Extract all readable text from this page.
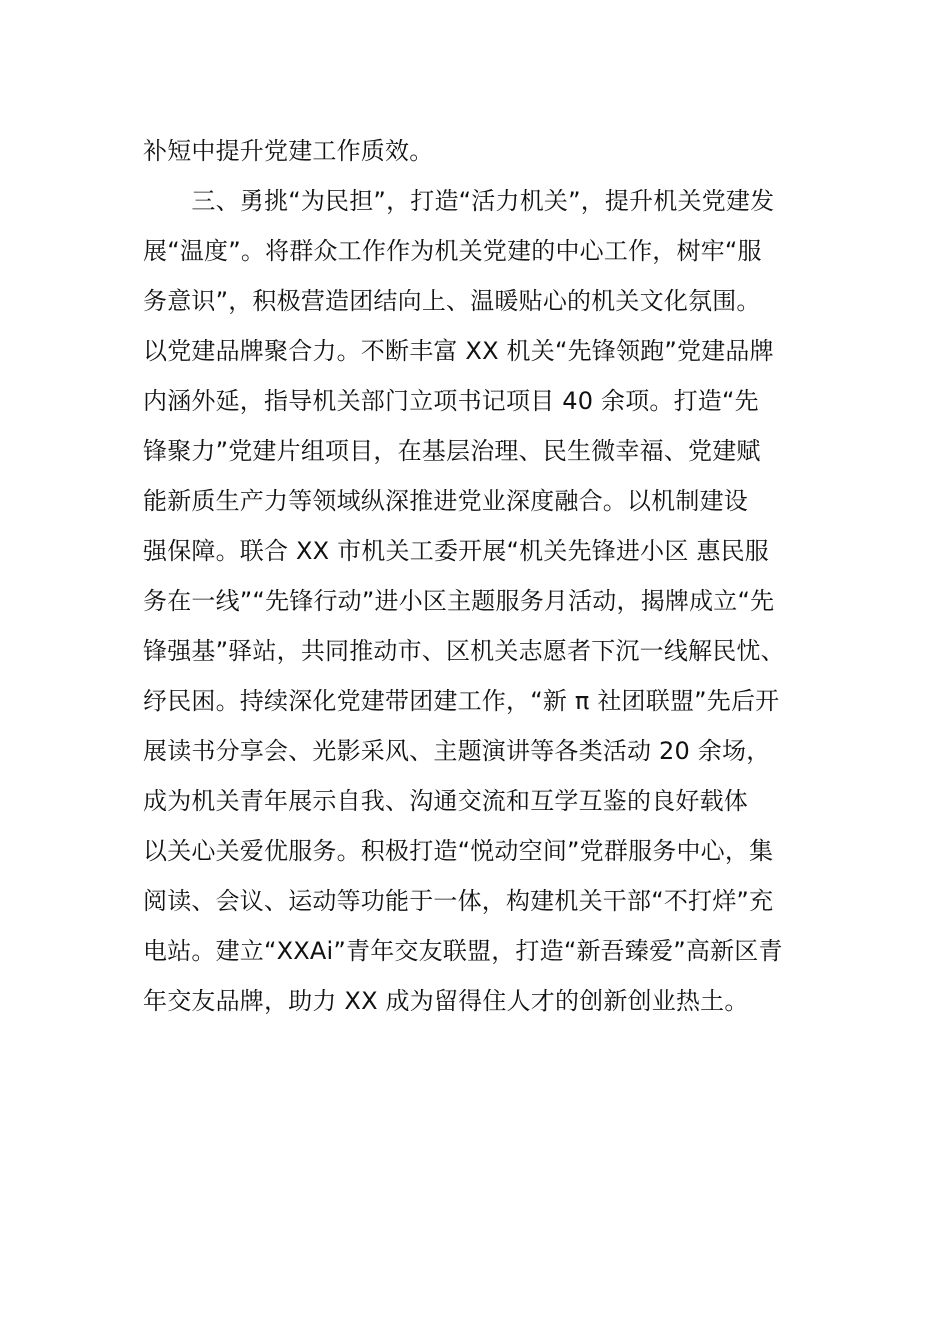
补短中提升党建工作质效。
　　三、勇挑“为民担”，打造“活力机关”，提升机关党建发
展“温度”。将群众工作作为机关党建的中心工作，树牢“服
务意识”，积极营造团结向上、温暖贴心的机关文化氛围。
以党建品牌聚合力。不断丰富 XX 机关“先锋领跑”党建品牌
内涵外延，指导机关部门立项书记项目 40 余项。打造“先
锋聚力”党建片组项目，在基层治理、民生微幸福、党建赋
能新质生产力等领域纵深推进党业深度融合。以机制建设
强保障。联合 XX 市机关工委开展“机关先锋进小区 惠民服
务在一线”“先锋行动”进小区主题服务月活动，揭牌成立“先
锋强基”驿站，共同推动市、区机关志愿者下沉一线解民忧、
纾民困。持续深化党建带团建工作，“新 π 社团联盟”先后开
展读书分享会、光影采风、主题演讲等各类活动 20 余场，
成为机关青年展示自我、沟通交流和互学互鉴的良好载体
以关心关爱优服务。积极打造“悦动空间”党群服务中心，集
阅读、会议、运动等功能于一体，构建机关干部“不打烊”充
电站。建立“XXAi”青年交友联盟，打造“新吾臻爱”高新区青
年交友品牌，助力 XX 成为留得住人才的创新创业热土。
